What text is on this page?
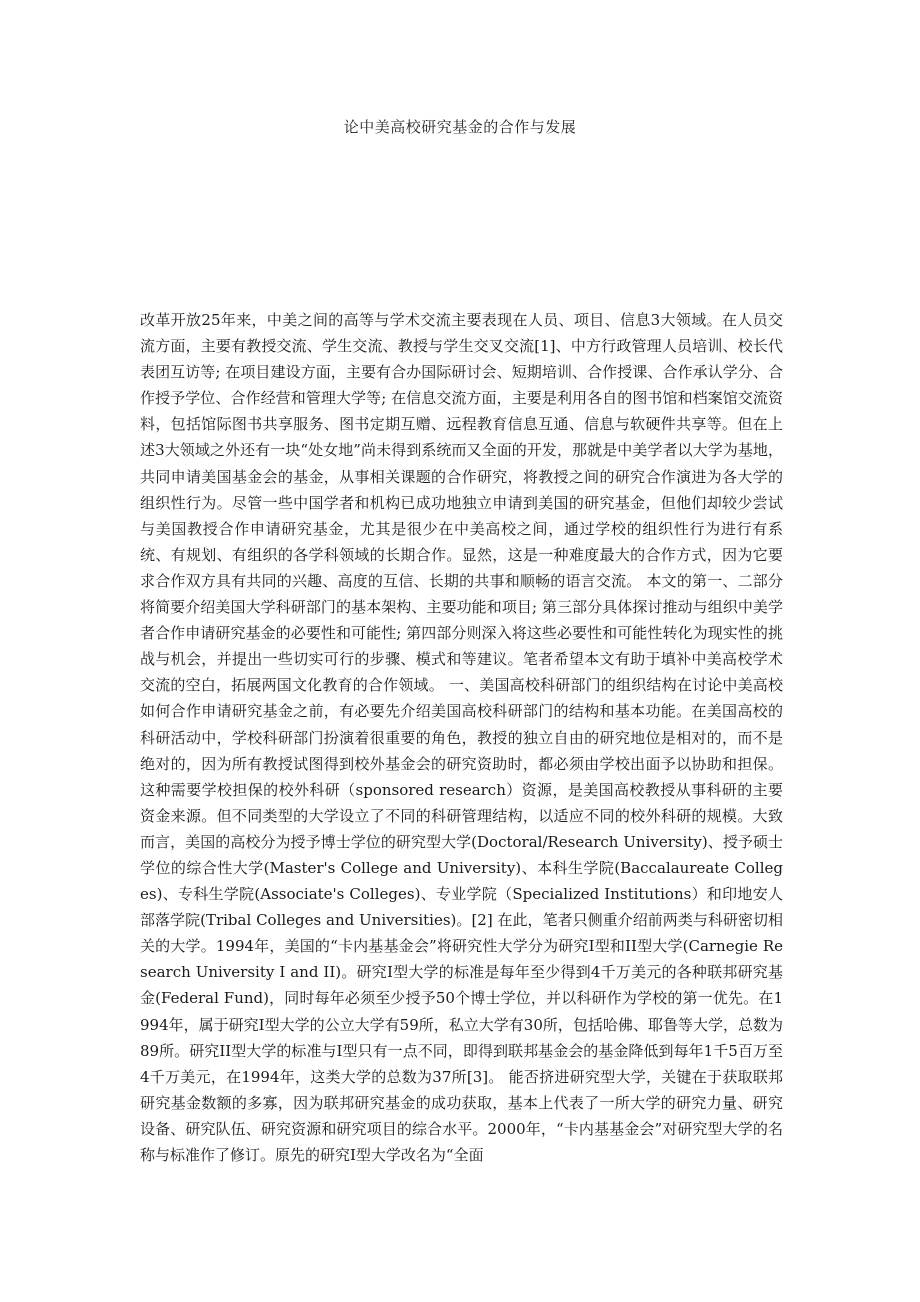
论中美高校研究基金的合作与发展

改革开放25年来，中美之间的高等与学术交流主要表现在人员、项目、信息3大领域。在人员交流方面，主要有教授交流、学生交流、教授与学生交叉交流[1]、中方行政管理人员培训、校长代表团互访等; 在项目建设方面，主要有合办国际研讨会、短期培训、合作授课、合作承认学分、合作授予学位、合作经营和管理大学等; 在信息交流方面，主要是利用各自的图书馆和档案馆交流资料，包括馆际图书共享服务、图书定期互赠、远程教育信息互通、信息与软硬件共享等。但在上述3大领域之外还有一块“处女地”尚未得到系统而又全面的开发，那就是中美学者以大学为基地，共同申请美国基金会的基金，从事相关课题的合作研究，将教授之间的研究合作演进为各大学的组织性行为。尽管一些中国学者和机构已成功地独立申请到美国的研究基金，但他们却较少尝试与美国教授合作申请研究基金，尤其是很少在中美高校之间，通过学校的组织性行为进行有系统、有规划、有组织的各学科领域的长期合作。显然，这是一种难度最大的合作方式，因为它要求合作双方具有共同的兴趣、高度的互信、长期的共事和顺畅的语言交流。 本文的第一、二部分将简要介绍美国大学科研部门的基本架构、主要功能和项目; 第三部分具体探讨推动与组织中美学者合作申请研究基金的必要性和可能性; 第四部分则深入将这些必要性和可能性转化为现实性的挑战与机会，并提出一些切实可行的步骤、模式和等建议。笔者希望本文有助于填补中美高校学术交流的空白，拓展两国文化教育的合作领域。 一、美国高校科研部门的组织结构在讨论中美高校如何合作申请研究基金之前，有必要先介绍美国高校科研部门的结构和基本功能。在美国高校的科研活动中，学校科研部门扮演着很重要的角色，教授的独立自由的研究地位是相对的，而不是绝对的，因为所有教授试图得到校外基金会的研究资助时，都必须由学校出面予以协助和担保。这种需要学校担保的校外科研（sponsored research）资源，是美国高校教授从事科研的主要资金来源。但不同类型的大学设立了不同的科研管理结构，以适应不同的校外科研的规模。大致而言，美国的高校分为授予博士学位的研究型大学(Doctoral/Research University)、授予硕士学位的综合性大学(Master's College and University)、本科生学院(Baccalaureate Colleges)、专科生学院(Associate's Colleges)、专业学院（Specialized Institutions）和印地安人部落学院(Tribal Colleges and Universities)。[2] 在此，笔者只侧重介绍前两类与科研密切相关的大学。1994年，美国的“卡内基基金会”将研究性大学分为研究I型和II型大学(Carnegie Research University I and II)。研究I型大学的标准是每年至少得到4千万美元的各种联邦研究基金(Federal Fund)，同时每年必须至少授予50个博士学位，并以科研作为学校的第一优先。在1994年，属于研究I型大学的公立大学有59所，私立大学有30所，包括哈佛、耶鲁等大学，总数为89所。研究II型大学的标准与I型只有一点不同，即得到联邦基金会的基金降低到每年1千5百万至4千万美元，在1994年，这类大学的总数为37所[3]。 能否挤进研究型大学，关键在于获取联邦研究基金数额的多寡，因为联邦研究基金的成功获取，基本上代表了一所大学的研究力量、研究设备、研究队伍、研究资源和研究项目的综合水平。2000年，“卡内基基金会”对研究型大学的名称与标准作了修订。原先的研究I型大学改名为“全面
